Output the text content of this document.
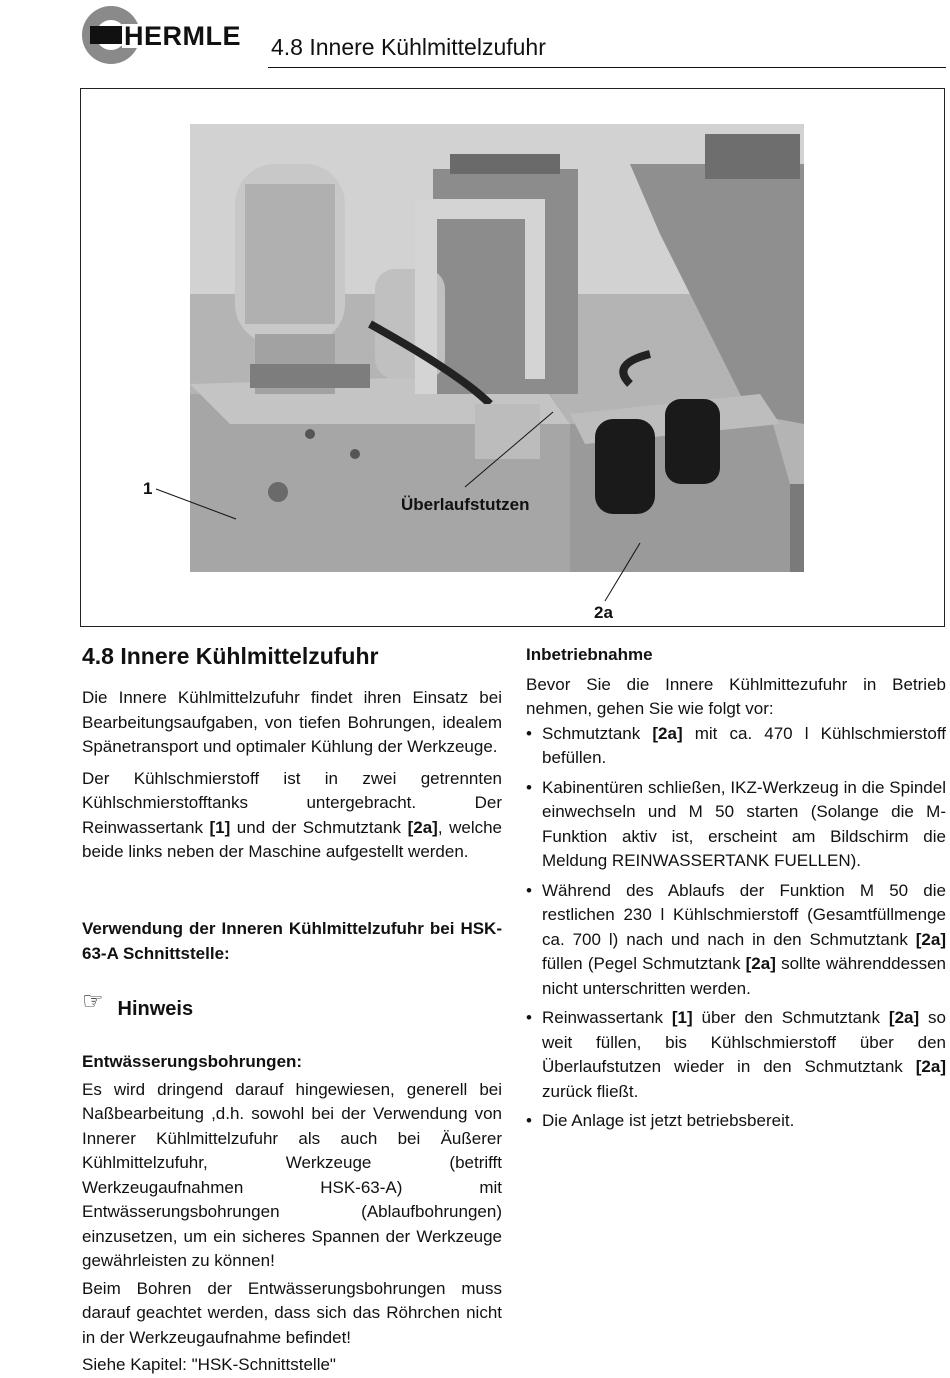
HERMLE 4.8 Innere Kühlmittelzufuhr
1
Überlaufstutzen
2a
4.8 Innere Kühlmittelzufuhr

Die Innere Kühlmittelzufuhr findet ihren Einsatz bei Bearbeitungsaufgaben, von tiefen Bohrungen, idealem Spänetransport und optimaler Kühlung der Werkzeuge.

Der Kühlschmierstoff ist in zwei getrennten Kühlschmierstofftanks untergebracht. Der Reinwassertank [1] und der Schmutztank [2a], welche beide links neben der Maschine aufgestellt werden.

Verwendung der Inneren Kühlmittelzufuhr bei HSK-63-A Schnittstelle:

☞ Hinweis

Entwässerungsbohrungen:

Es wird dringend darauf hingewiesen, generell bei Naßbearbeitung ,d.h. sowohl bei der Verwendung von Innerer Kühlmittelzufuhr als auch bei Äußerer Kühlmittelzufuhr, Werkzeuge (betrifft Werkzeugaufnahmen HSK-63-A) mit Entwässerungsbohrungen (Ablaufbohrungen) einzusetzen, um ein sicheres Spannen der Werkzeuge gewährleisten zu können!

Beim Bohren der Entwässerungsbohrungen muss darauf geachtet werden, dass sich das Röhrchen nicht in der Werkzeugaufnahme befindet!

Siehe Kapitel: "HSK-Schnittstelle"

Inbetriebnahme

Bevor Sie die Innere Kühlmittezufuhr in Betrieb nehmen, gehen Sie wie folgt vor:

• Schmutztank [2a] mit ca. 470 l Kühlschmierstoff befüllen.
• Kabinentüren schließen, IKZ-Werkzeug in die Spindel einwechseln und M 50 starten (Solange die M-Funktion aktiv ist, erscheint am Bildschirm die Meldung REINWASSERTANK FUELLEN).
• Während des Ablaufs der Funktion M 50 die restlichen 230 l Kühlschmierstoff (Gesamtfüllmenge ca. 700 l) nach und nach in den Schmutztank [2a] füllen (Pegel Schmutztank [2a] sollte währenddessen nicht unterschritten werden.
• Reinwassertank [1] über den Schmutztank [2a] so weit füllen, bis Kühlschmierstoff über den Überlaufstutzen wieder in den Schmutztank [2a] zurück fließt.
• Die Anlage ist jetzt betriebsbereit.
